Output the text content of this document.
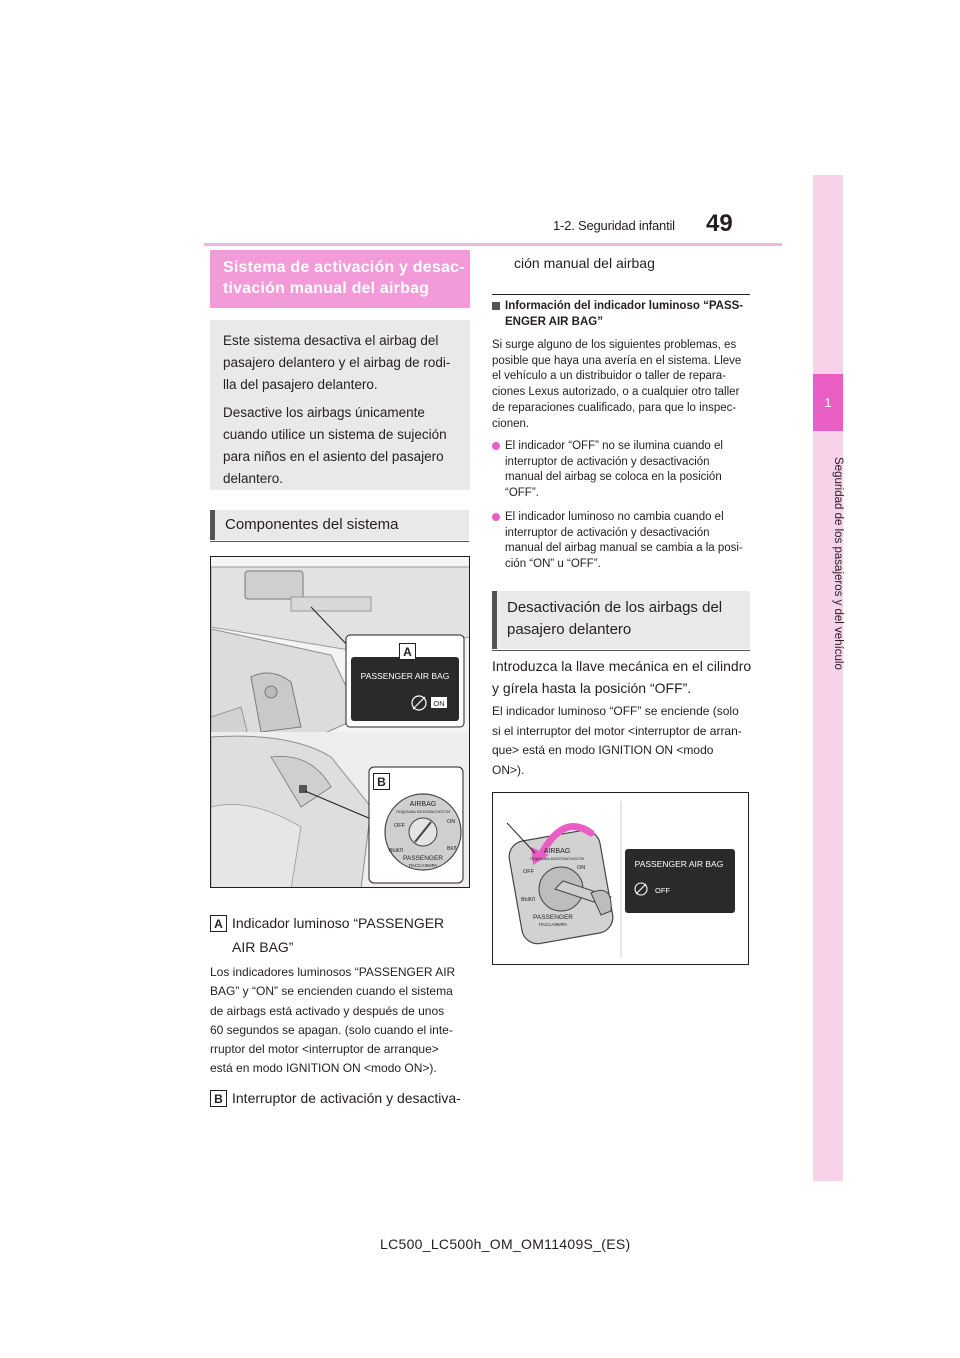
1-2. Seguridad infantil 49
1
Seguridad de los pasajeros y del vehículo
Sistema de activación y desac-
tivación manual del airbag

Este sistema desactiva el airbag del pasajero delantero y el airbag de rodi-lla del pasajero delantero.

Desactive los airbags únicamente cuando utilice un sistema de sujeción para niños en el asiento del pasajero delantero.

Componentes del sistema
PASSENGER AIR BAG
ON
AIRBAG
ПОДУШКА БЕЗОПАСНОСТИ
OFF
ON
ВЫКЛ	ВКЛ
PASSENGER
ПАССАЖИРА
A
B
A Indicador luminoso “PASSENGER
AIR BAG”
Los indicadores luminosos “PASSENGER AIR
BAG” y “ON” se encienden cuando el sistema
de airbags está activado y después de unos
60 segundos se apagan. (solo cuando el inte-
rruptor del motor <interruptor de arranque>
está en modo IGNITION ON <modo ON>).
B Interruptor de activación y desactiva-
ción manual del airbag
Información del indicador luminoso “PASS-
ENGER AIR BAG”
Si surge alguno de los siguientes problemas, es
posible que haya una avería en el sistema. Lleve
el vehículo a un distribuidor o taller de repara-
ciones Lexus autorizado, o a cualquier otro taller
de reparaciones cualificado, para que lo inspec-
cionen.
El indicador “OFF” no se ilumina cuando el
interruptor de activación y desactivación
manual del airbag se coloca en la posición
“OFF”.
El indicador luminoso no cambia cuando el
interruptor de activación y desactivación
manual del airbag manual se cambia a la posi-
ción “ON” u “OFF”.
Desactivación de los airbags del
pasajero delantero
Introduzca la llave mecánica en el cilindro
y gírela hasta la posición “OFF”.
El indicador luminoso “OFF” se enciende (solo
si el interruptor del motor <interruptor de arran-
que> está en modo IGNITION ON <modo
ON>).
AIRBAG
ПОДУШКА БЕЗОПАСНОСТИ
OFF
ON
ВЫКЛ
PASSENGER
ПАССАЖИРА
PASSENGER AIR BAG
OFF
LC500_LC500h_OM_OM11409S_(ES)
